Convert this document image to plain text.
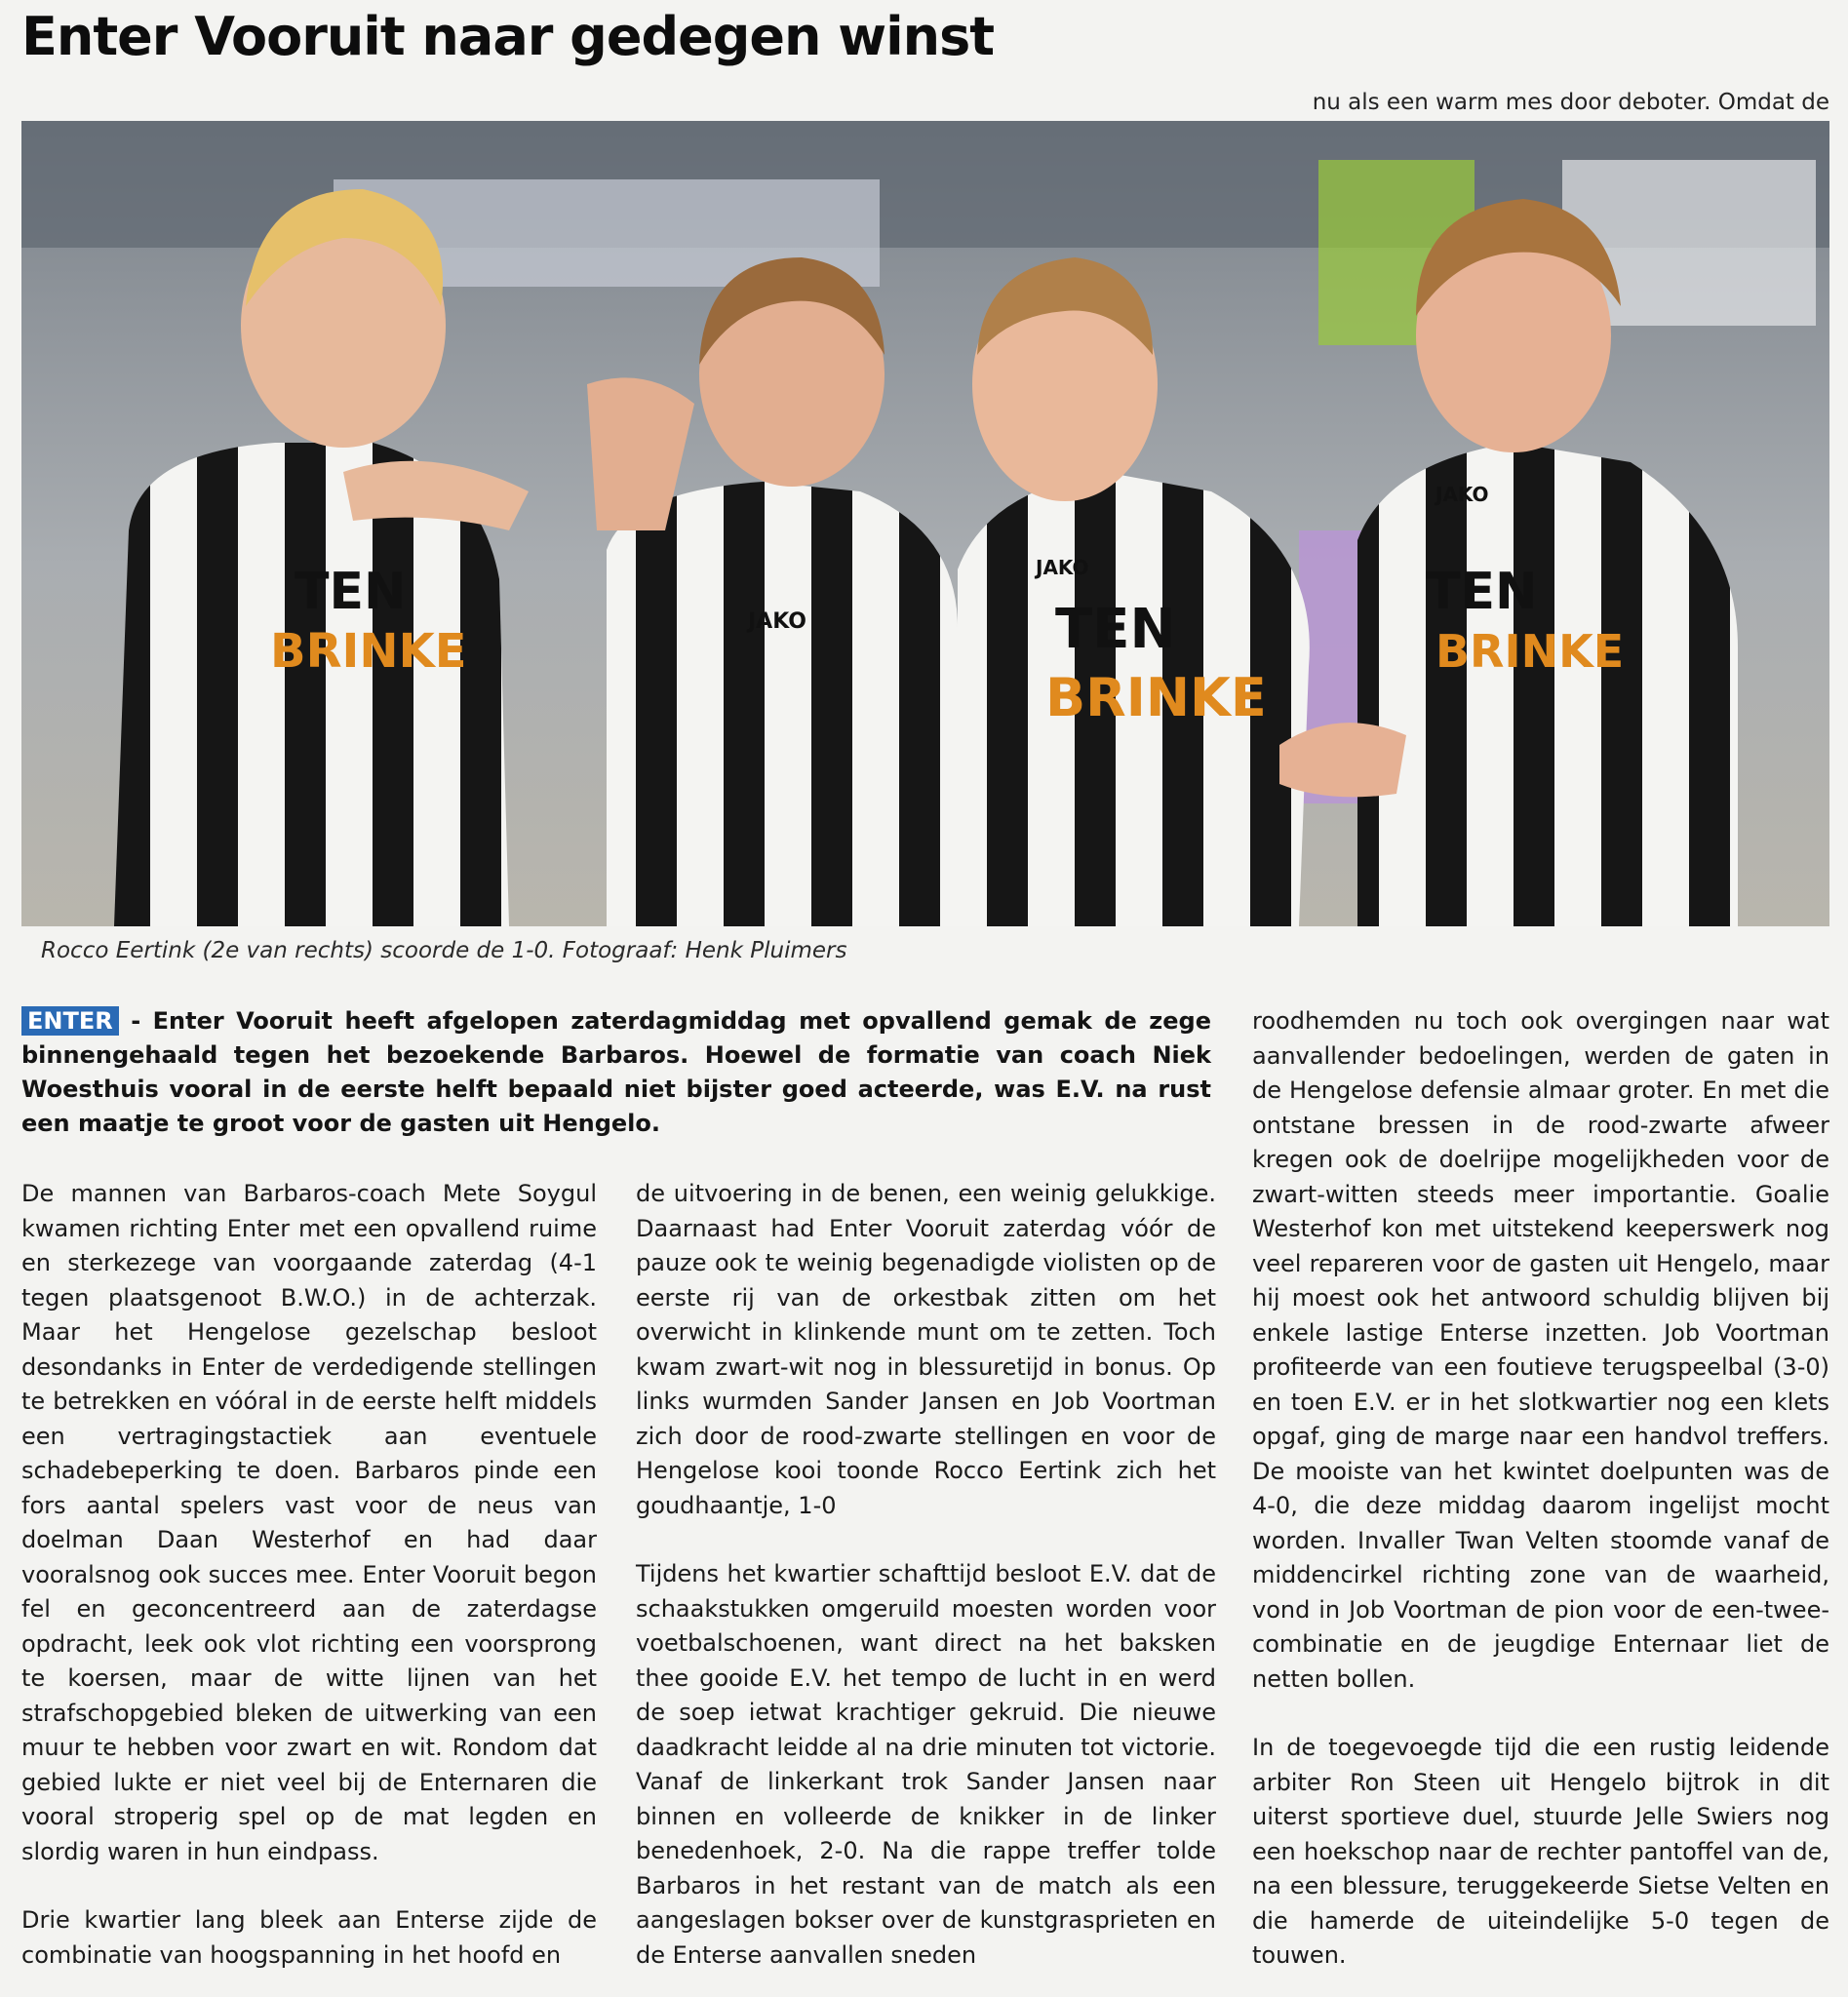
Enter Vooruit naar gedegen winst
nu als een warm mes door deboter. Omdat de
TEN
BRINKE
JAKO	TEN
BRINKE
JAKO	TEN
BRINKE
JAKO
Rocco Eertink (2e van rechts) scoorde de 1-0. Fotograaf: Henk Pluimers

ENTER - Enter Vooruit heeft afgelopen zaterdagmiddag met opvallend gemak de zege binnengehaald tegen het bezoekende Barbaros. Hoewel de formatie van coach Niek Woesthuis vooral in de eerste helft bepaald niet bijster goed acteerde, was E.V. na rust een maatje te groot voor de gasten uit Hengelo.

De mannen van Barbaros-coach Mete Soygul kwamen richting Enter met een opvallend ruime en sterkezege van voorgaande zaterdag (4-1 tegen plaatsgenoot B.W.O.) in de achterzak. Maar het Hengelose gezelschap besloot desondanks in Enter de verdedigende stellingen te betrekken en vóóral in de eerste helft middels een vertragingstactiek aan eventuele schadebeperking te doen. Barbaros pinde een fors aantal spelers vast voor de neus van doelman Daan Westerhof en had daar vooralsnog ook succes mee. Enter Vooruit begon fel en geconcentreerd aan de zaterdagse opdracht, leek ook vlot richting een voorsprong te koersen, maar de witte lijnen van het strafschopgebied bleken de uitwerking van een muur te hebben voor zwart en wit. Rondom dat gebied lukte er niet veel bij de Enternaren die vooral stroperig spel op de mat legden en slordig waren in hun eindpass.

Drie kwartier lang bleek aan Enterse zijde de combinatie van hoogspanning in het hoofd en

de uitvoering in de benen, een weinig gelukkige. Daarnaast had Enter Vooruit zaterdag vóór de pauze ook te weinig begenadigde violisten op de eerste rij van de orkestbak zitten om het overwicht in klinkende munt om te zetten. Toch kwam zwart-wit nog in blessuretijd in bonus. Op links wurmden Sander Jansen en Job Voortman zich door de rood-zwarte stellingen en voor de Hengelose kooi toonde Rocco Eertink zich het goudhaantje, 1-0

Tijdens het kwartier schafttijd besloot E.V. dat de schaakstukken omgeruild moesten worden voor voetbalschoenen, want direct na het baksken thee gooide E.V. het tempo de lucht in en werd de soep ietwat krachtiger gekruid. Die nieuwe daadkracht leidde al na drie minuten tot victorie. Vanaf de linkerkant trok Sander Jansen naar binnen en volleerde de knikker in de linker benedenhoek, 2-0. Na die rappe treffer tolde Barbaros in het restant van de match als een aangeslagen bokser over de kunstgrasprieten en de Enterse aanvallen sneden

roodhemden nu toch ook overgingen naar wat aanvallender bedoelingen, werden de gaten in de Hengelose defensie almaar groter. En met die ontstane bressen in de rood-zwarte afweer kregen ook de doelrijpe mogelijkheden voor de zwart-witten steeds meer importantie. Goalie Westerhof kon met uitstekend keeperswerk nog veel repareren voor de gasten uit Hengelo, maar hij moest ook het antwoord schuldig blijven bij enkele lastige Enterse inzetten. Job Voortman profiteerde van een foutieve terugspeelbal (3-0) en toen E.V. er in het slotkwartier nog een klets opgaf, ging de marge naar een handvol treffers. De mooiste van het kwintet doelpunten was de 4-0, die deze middag daarom ingelijst mocht worden. Invaller Twan Velten stoomde vanaf de middencirkel richting zone van de waarheid, vond in Job Voortman de pion voor de een-twee-combinatie en de jeugdige Enternaar liet de netten bollen.

In de toegevoegde tijd die een rustig leidende arbiter Ron Steen uit Hengelo bijtrok in dit uiterst sportieve duel, stuurde Jelle Swiers nog een hoekschop naar de rechter pantoffel van de, na een blessure, teruggekeerde Sietse Velten en die hamerde de uiteindelijke 5-0 tegen de touwen.
